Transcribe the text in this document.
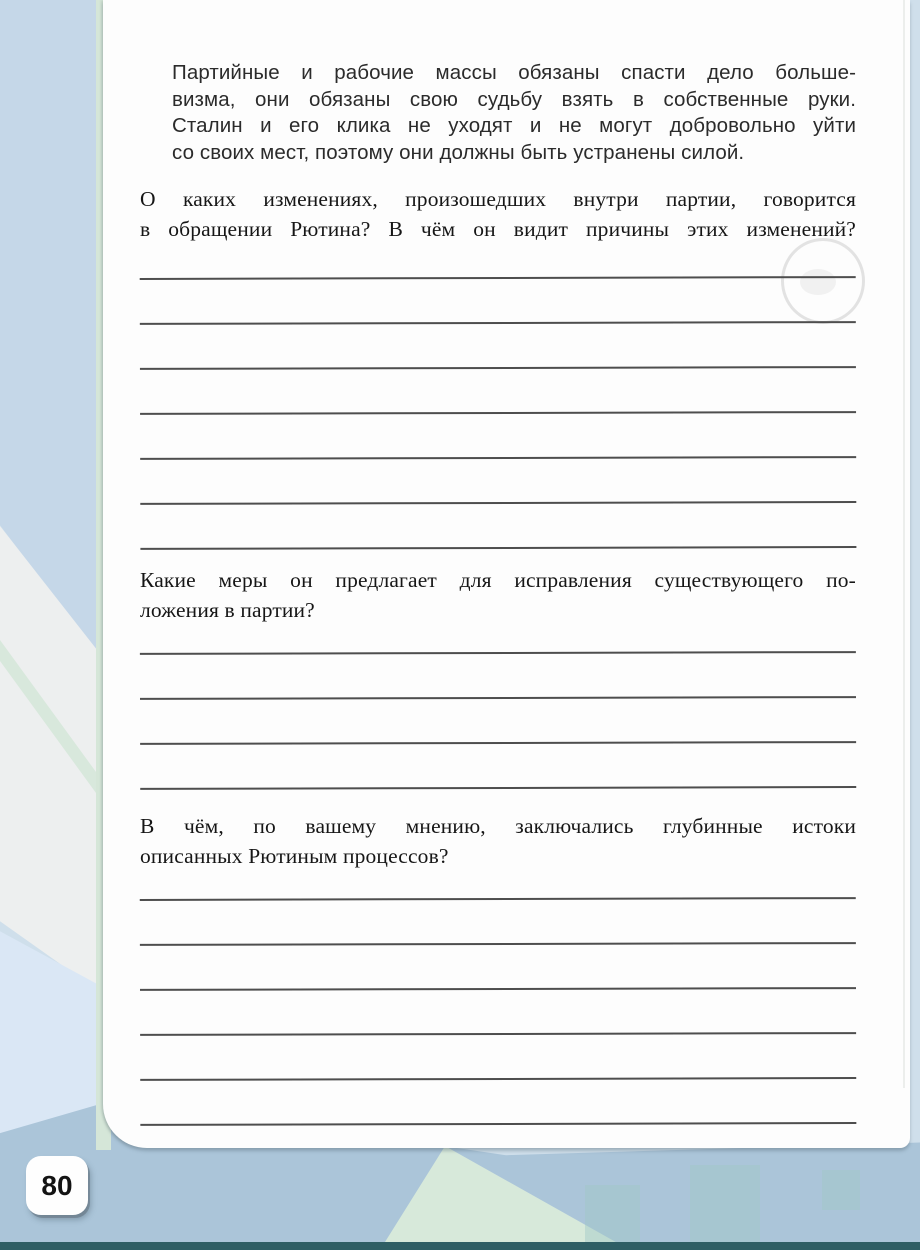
Партийные и рабочие массы обязаны спасти дело больше-
визма, они обязаны свою судьбу взять в собственные руки.
Сталин и его клика не уходят и не могут добровольно уйти
со своих мест, поэтому они должны быть устранены силой.
О каких изменениях, произошедших внутри партии, говорится
в обращении Рютина? В чём он видит причины этих изменений?
Какие меры он предлагает для исправления существующего по-
ложения в партии?
В чём, по вашему мнению, заключались глубинные истоки
описанных Рютиным процессов?
80
